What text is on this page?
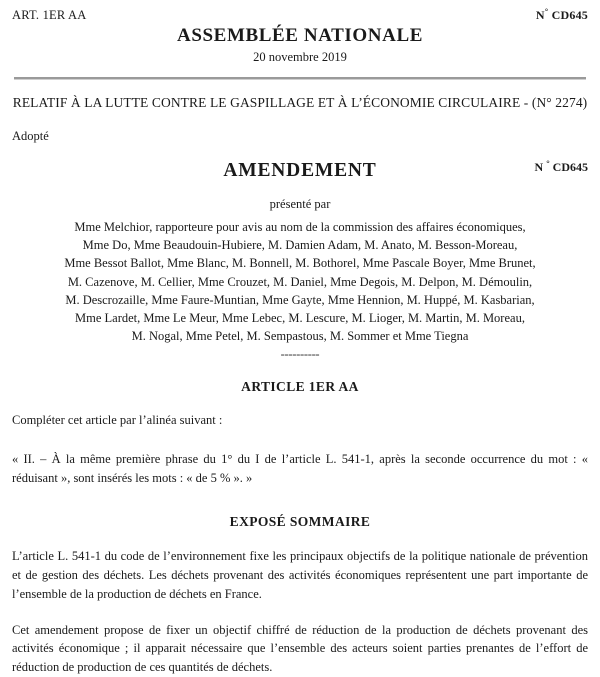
ART. 1ER AA	N° CD645
ASSEMBLÉE NATIONALE
20 novembre 2019
RELATIF À LA LUTTE CONTRE LE GASPILLAGE ET À L’ÉCONOMIE CIRCULAIRE - (N° 2274)
Adopté
AMENDEMENT	N ° CD645
présenté par
Mme Melchior, rapporteure pour avis au nom de la commission des affaires économiques,
Mme Do, Mme Beaudouin-Hubiere, M. Damien Adam, M. Anato, M. Besson-Moreau,
Mme Bessot Ballot, Mme Blanc, M. Bonnell, M. Bothorel, Mme Pascale Boyer, Mme Brunet,
M. Cazenove, M. Cellier, Mme Crouzet, M. Daniel, Mme Degois, M. Delpon, M. Démoulin,
M. Descrozaille, Mme Faure-Muntian, Mme Gayte, Mme Hennion, M. Huppé, M. Kasbarian,
Mme Lardet, Mme Le Meur, Mme Lebec, M. Lescure, M. Lioger, M. Martin, M. Moreau,
M. Nogal, Mme Petel, M. Sempastous, M. Sommer et Mme Tiegna
----------
ARTICLE 1ER AA
Compléter cet article par l’alinéa suivant :
« II. – À la même première phrase du 1° du I de l’article L. 541-1, après la seconde occurrence du mot : « réduisant », sont insérés les mots : « de 5 % ». »
EXPOSÉ SOMMAIRE
L’article L. 541-1 du code de l’environnement fixe les principaux objectifs de la politique nationale de prévention et de gestion des déchets. Les déchets provenant des activités économiques représentent une part importante de l’ensemble de la production de déchets en France.
Cet amendement propose de fixer un objectif chiffré de réduction de la production de déchets provenant des activités économique ; il apparait nécessaire que l’ensemble des acteurs soient parties prenantes de l’effort de réduction de production de ces quantités de déchets.
